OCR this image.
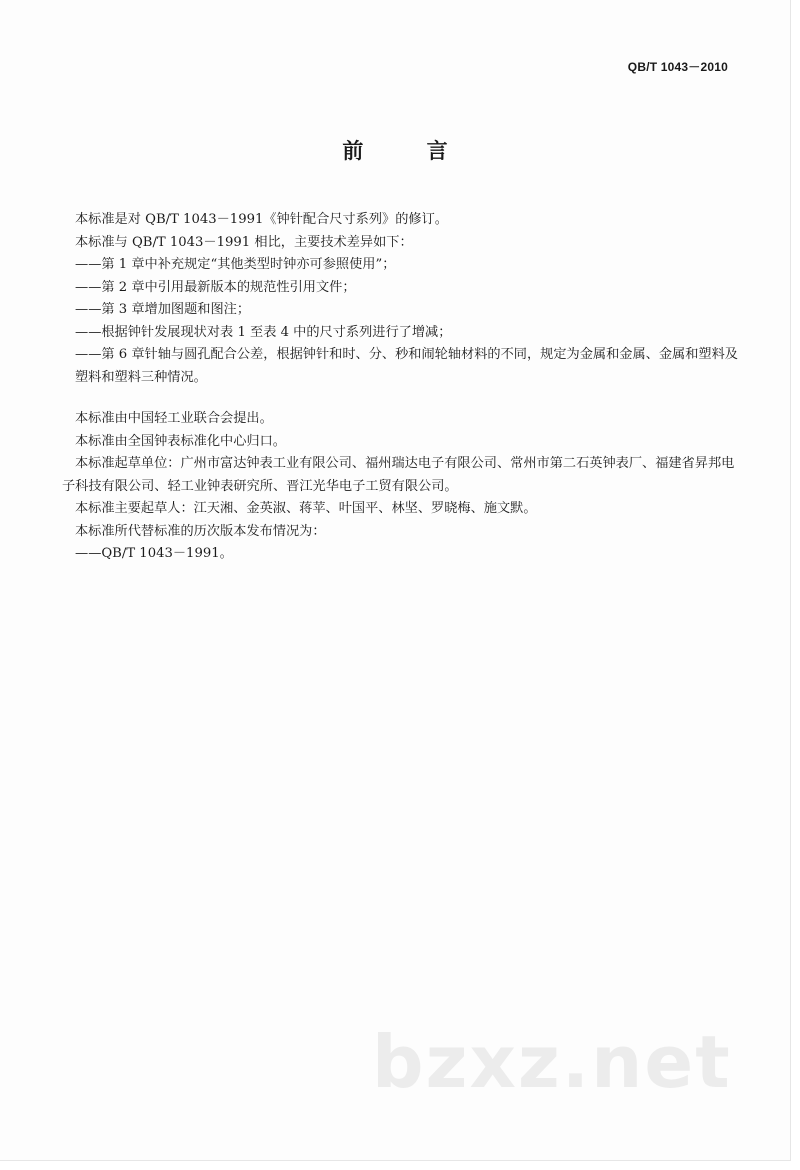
QB/T 1043－2010
前 言

本标准是对 QB/T 1043－1991《钟针配合尺寸系列》的修订。

本标准与 QB/T 1043－1991 相比，主要技术差异如下：

——第 1 章中补充规定“其他类型时钟亦可参照使用”；

——第 2 章中引用最新版本的规范性引用文件；

——第 3 章增加图题和图注；

——根据钟针发展现状对表 1 至表 4 中的尺寸系列进行了增减；

——第 6 章针轴与圆孔配合公差，根据钟针和时、分、秒和闹轮轴材料的不同，规定为金属和金属、金属和塑料及塑料和塑料三种情况。

本标准由中国轻工业联合会提出。

本标准由全国钟表标准化中心归口。

本标准起草单位：广州市富达钟表工业有限公司、福州瑞达电子有限公司、常州市第二石英钟表厂、福建省昇邦电子科技有限公司、轻工业钟表研究所、晋江光华电子工贸有限公司。

本标准主要起草人：江天湘、金英淑、蒋苹、叶国平、林坚、罗晓梅、施文默。

本标准所代替标准的历次版本发布情况为：

——QB/T 1043－1991。

bzxz.net
